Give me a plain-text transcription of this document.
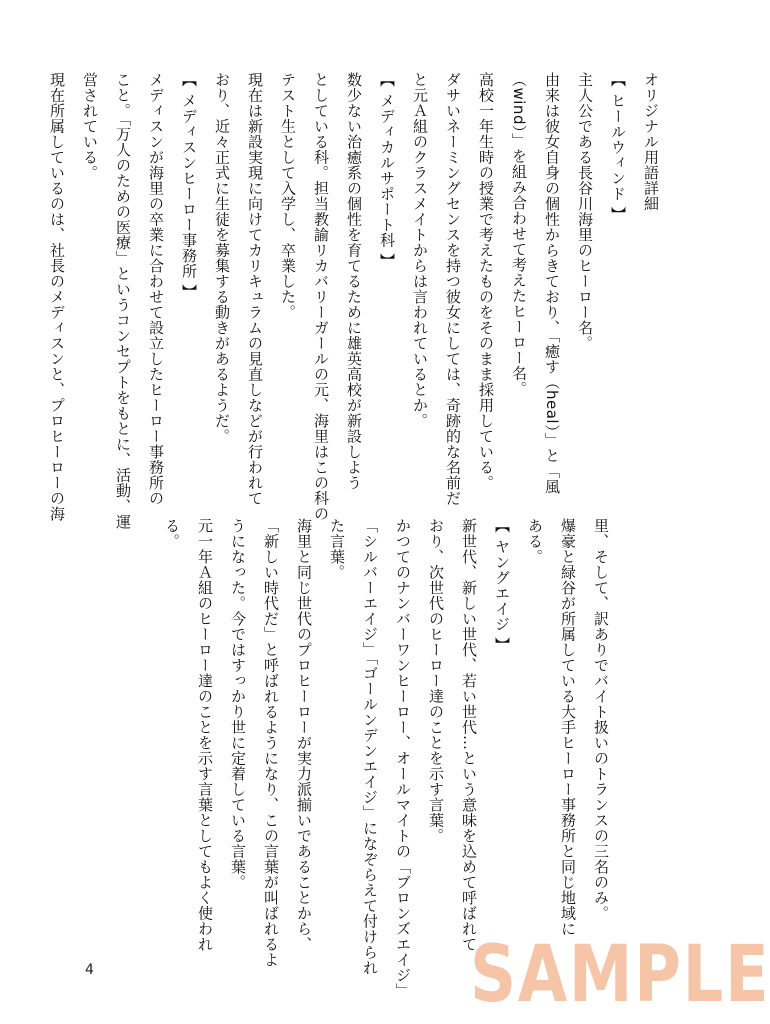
オリジナル用語詳細
【 ヒールウィンド 】
主人公である長谷川海里のヒーロー名。
由来は彼女自身の個性からきており、「癒す（heal）」と「風
（wind）」を組み合わせて考えたヒーロー名。
高校一年生時の授業で考えたものをそのまま採用している。
ダサいネーミングセンスを持つ彼女にしては、奇跡的な名前だ
と元Ａ組のクラスメイトからは言われているとか。
【 メディカルサポート科 】
数少ない治癒系の個性を育てるために雄英高校が新設しよう
としている科。担当教諭リカバリーガールの元、海里はこの科の
テスト生として入学し、卒業した。
現在は新設実現に向けてカリキュラムの見直しなどが行われて
おり、近々正式に生徒を募集する動きがあるようだ。
【 メディスンヒーロー事務所 】
メディスンが海里の卒業に合わせて設立したヒーロー事務所の
こと。「万人のための医療」というコンセプトをもとに、活動、運
営されている。
現在所属しているのは、社長のメディスンと、プロヒーローの海
里、そして、訳ありでバイト扱いのトランスの三名のみ。
爆豪と緑谷が所属している大手ヒーロー事務所と同じ地域に
ある。
【 ヤングエイジ 】
新世代、新しい世代、若い世代…という意味を込めて呼ばれて
おり、次世代のヒーロー達のことを示す言葉。
かつてのナンバーワンヒーロー、オールマイトの「ブロンズエイジ」
「シルバーエイジ」「ゴールンデンエイジ」になぞらえて付けられ
た言葉。
海里と同じ世代のプロヒーローが実力派揃いであることから、
「新しい時代だ」と呼ばれるようになり、この言葉が叫ばれるよ
うになった。今ではすっかり世に定着している言葉。
元一年Ａ組のヒーロー達のことを示す言葉としてもよく使われ
る。
4	SAMPLE
